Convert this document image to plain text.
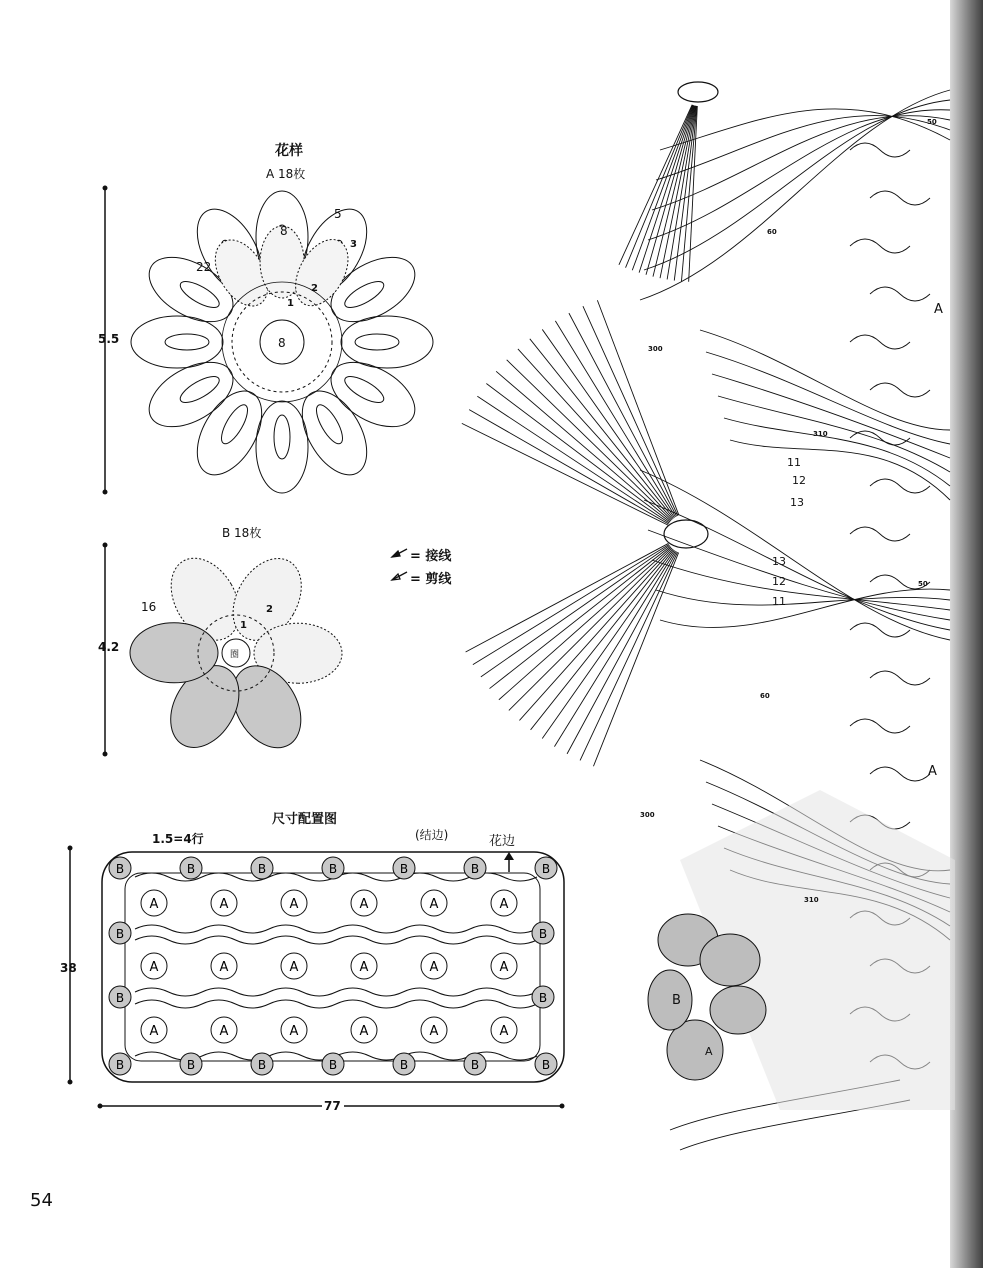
花样
A 18枚
5.5
22
8
5
8
1
2
3
B 18枚
4.2
16
1
2
圈
= 接线
= 剪线
尺寸配置图
1.5=4行	(结边)	花边
A	A	A	A	A	A
A	A	A	A	A	A
A	A	A	A	A	A
B	B	B	B	B	B	B
B	B	B	B	B	B	B
B
B
B
B
38
77
50
60
300
310
11
12
13
13
12
11
50
60
300
310
A
A
B
A
54
